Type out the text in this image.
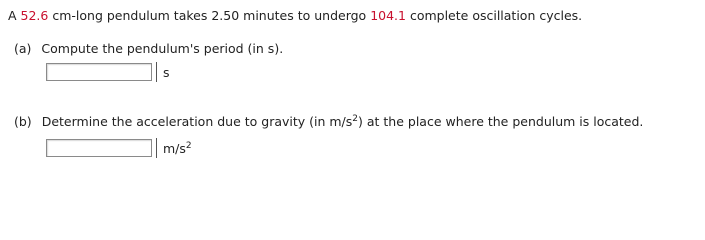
A 52.6 cm-long pendulum takes 2.50 minutes to undergo 104.1 complete oscillation cycles.
(a) Compute the pendulum's period (in s).
s
(b) Determine the acceleration due to gravity (in $m/s^2$) at the place where the pendulum is located.
$m/s^2$
